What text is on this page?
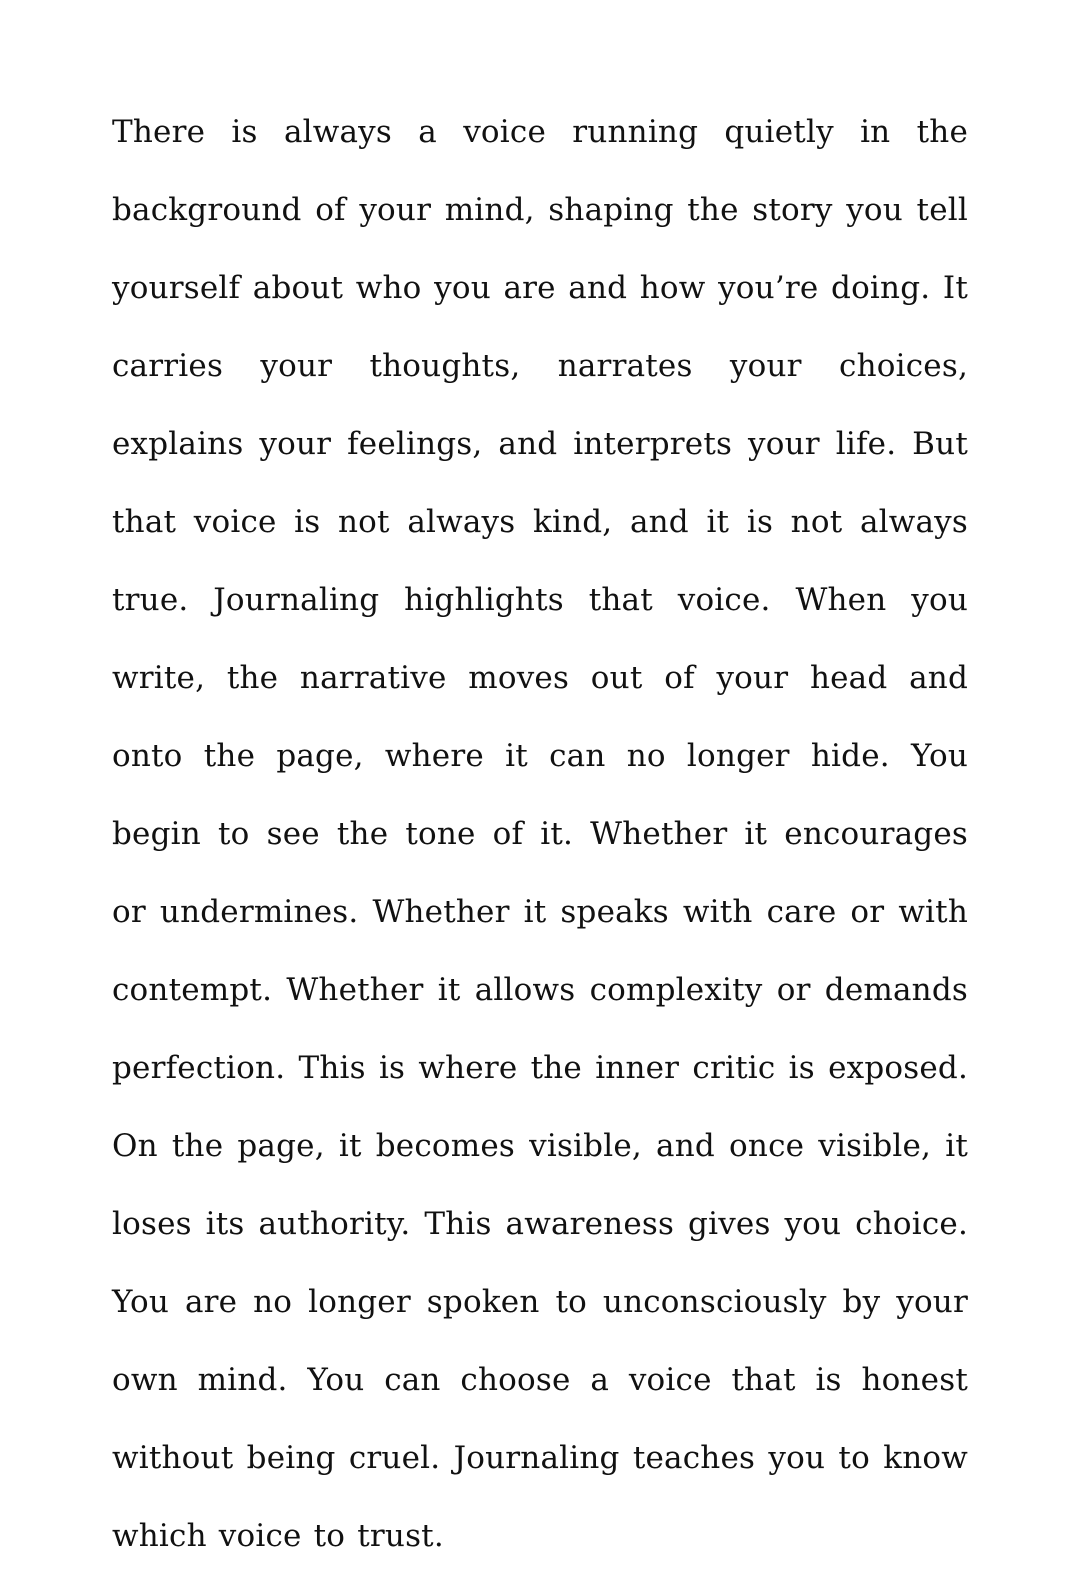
There is always a voice running quietly in the background of your mind, shaping the story you tell yourself about who you are and how you’re doing. It carries your thoughts, narrates your choices, explains your feelings, and interprets your life. But that voice is not always kind, and it is not always true. Journaling highlights that voice. When you write, the narrative moves out of your head and onto the page, where it can no longer hide. You begin to see the tone of it. Whether it encourages or undermines. Whether it speaks with care or with contempt. Whether it allows complexity or demands perfection. This is where the inner critic is exposed. On the page, it becomes visible, and once visible, it loses its authority. This awareness gives you choice. You are no longer spoken to unconsciously by your own mind. You can choose a voice that is honest without being cruel. Journaling teaches you to know which voice to trust.
